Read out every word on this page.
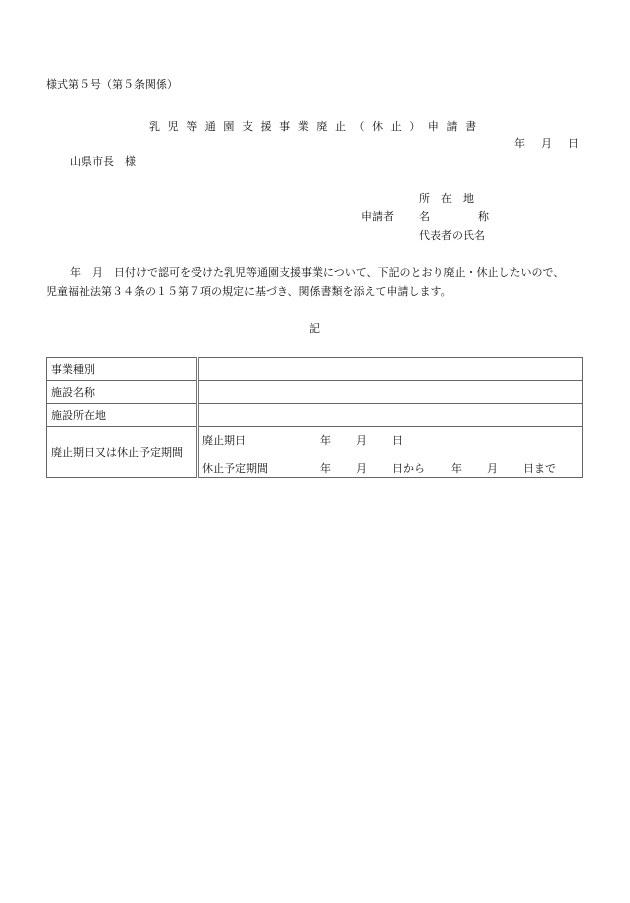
様式第５号（第５条関係）
乳 児 等 通 園 支 援 事 業 廃 止 （ 休 止 ） 申 請 書
年 月 日
山県市長　様
所　在　地
申請者 名	称
代表者の氏名
年　月　日付けで認可を受けた乳児等通園支援事業について、下記のとおり廃止・休止したいので、
児童福祉法第３４条の１５第７項の規定に基づき、関係書類を添えて申請します。
記
事業種別	
施設名称	
施設所在地	
廃止期日又は休止予定期間	
廃止期日	年 月 日
休止予定期間	年 月 日から 年 月 日まで
